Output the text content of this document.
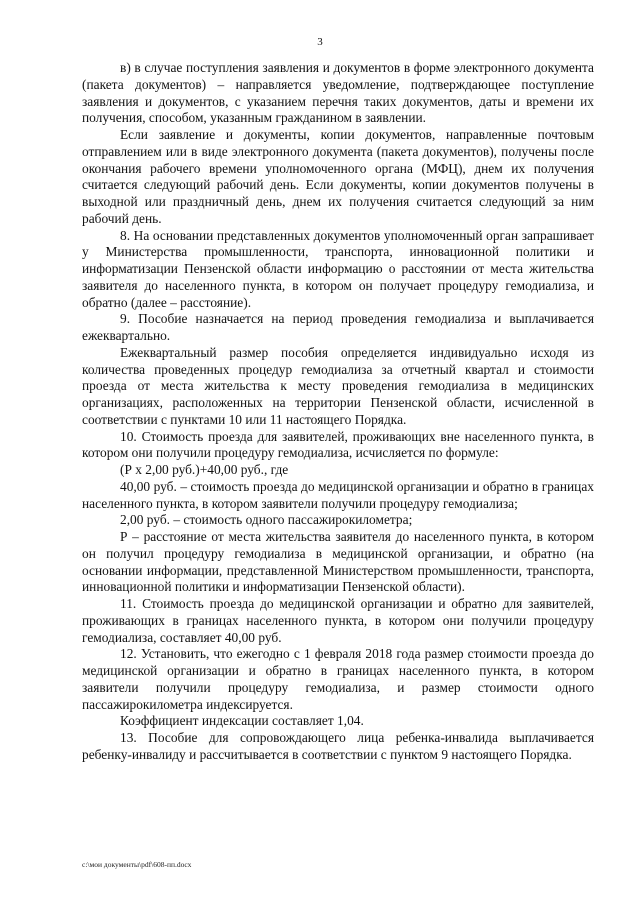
3

в) в случае поступления заявления и документов в форме электронного документа (пакета документов) – направляется уведомление, подтверждающее поступление заявления и документов, с указанием перечня таких документов, даты и времени их получения, способом, указанным гражданином в заявлении.

Если заявление и документы, копии документов, направленные почтовым отправлением или в виде электронного документа (пакета документов), получены после окончания рабочего времени уполномоченного органа (МФЦ), днем их получения считается следующий рабочий день. Если документы, копии документов получены в выходной или праздничный день, днем их получения считается следующий за ним рабочий день.

8. На основании представленных документов уполномоченный орган запрашивает у Министерства промышленности, транспорта, инновационной политики и информатизации Пензенской области информацию о расстоянии от места жительства заявителя до населенного пункта, в котором он получает процедуру гемодиализа, и обратно (далее – расстояние).

9. Пособие назначается на период проведения гемодиализа и выплачивается ежеквартально.

Ежеквартальный размер пособия определяется индивидуально исходя из количества проведенных процедур гемодиализа за отчетный квартал и стоимости проезда от места жительства к месту проведения гемодиализа в медицинских организациях, расположенных на территории Пензенской области, исчисленной в соответствии с пунктами 10 или 11 настоящего Порядка.

10. Стоимость проезда для заявителей, проживающих вне населенного пункта, в котором они получили процедуру гемодиализа, исчисляется по формуле:

(Р х 2,00 руб.)+40,00 руб., где

40,00 руб. – стоимость проезда до медицинской организации и обратно в границах населенного пункта, в котором заявители получили процедуру гемодиализа;

2,00 руб. – стоимость одного пассажирокилометра;

Р – расстояние от места жительства заявителя до населенного пункта, в котором он получил процедуру гемодиализа в медицинской организации, и обратно (на основании информации, представленной Министерством промышленности, транспорта, инновационной политики и информатизации Пензенской области).

11. Стоимость проезда до медицинской организации и обратно для заявителей, проживающих в границах населенного пункта, в котором они получили процедуру гемодиализа, составляет 40,00 руб.

12. Установить, что ежегодно с 1 февраля 2018 года размер стоимости проезда до медицинской организации и обратно в границах населенного пункта, в котором заявители получили процедуру гемодиализа, и размер стоимости одного пассажирокилометра индексируется.

Коэффициент индексации составляет 1,04.

13. Пособие для сопровождающего лица ребенка-инвалида выплачивается ребенку-инвалиду и рассчитывается в соответствии с пунктом 9 настоящего Порядка.

c:\мои документы\pdf\608-пп.docx
